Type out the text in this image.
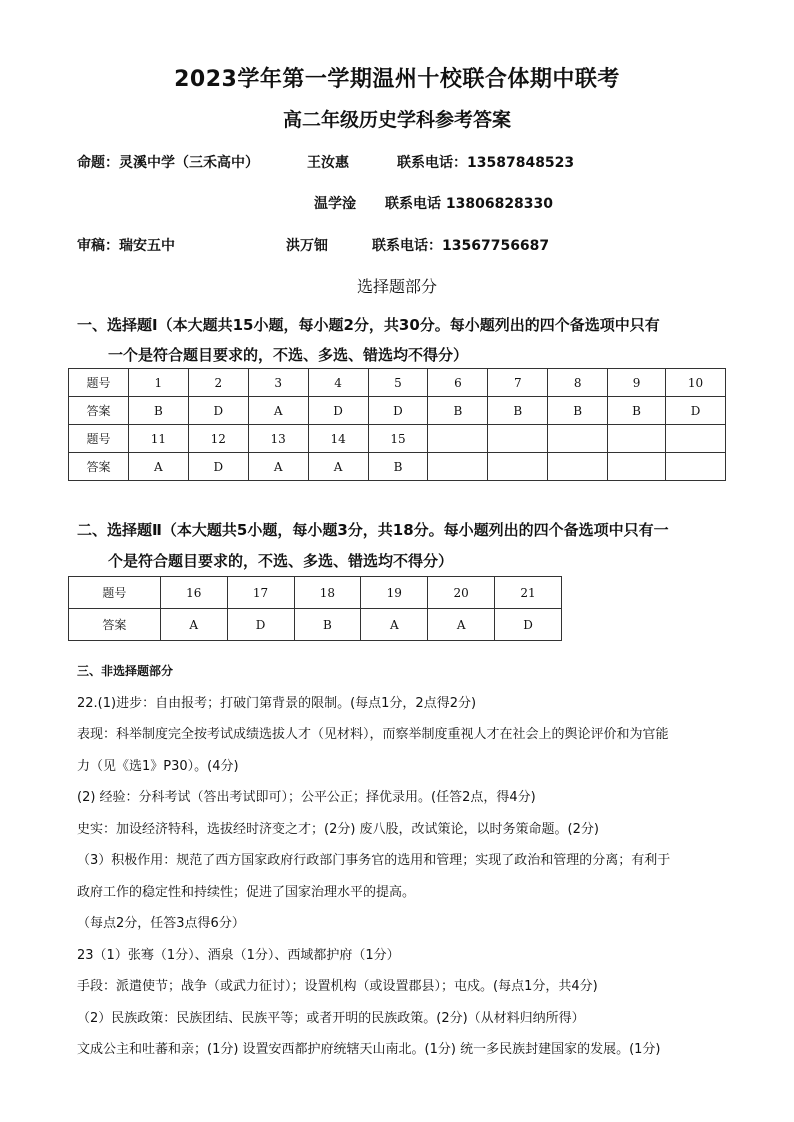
2023学年第一学期温州十校联合体期中联考
高二年级历史学科参考答案
命题：灵溪中学（三禾高中）	王汝惠	联系电话：13587848523
温学淦 联系电话 13806828330
审稿：瑞安五中	洪万钿	联系电话：13567756687
选择题部分
一、选择题Ⅰ（本大题共15小题，每小题2分，共30分。每小题列出的四个备选项中只有
一个是符合题目要求的，不选、多选、错选均不得分）
题号	1	2	3	4	5	6	7	8	9	10
答案	B	D	A	D	D	B	B	B	B	D
题号	11	12	13	14	15					
答案	A	D	A	A	B					
二、选择题Ⅱ（本大题共5小题，每小题3分，共18分。每小题列出的四个备选项中只有一
个是符合题目要求的，不选、多选、错选均不得分）
题号	16	17	18	19	20	21
答案	A	D	B	A	A	D

三、非选择题部分

22.(1)进步：自由报考；打破门第背景的限制。(每点1分，2点得2分)

表现：科举制度完全按考试成绩选拔人才（见材料），而察举制度重视人才在社会上的舆论评价和为官能

力（见《选1》P30）。(4分)

(2) 经验：分科考试（答出考试即可）；公平公正；择优录用。(任答2点，得4分)

史实：加设经济特科，选拔经时济变之才；(2分) 废八股，改试策论，以时务策命题。(2分)

（3）积极作用：规范了西方国家政府行政部门事务官的选用和管理；实现了政治和管理的分离；有利于

政府工作的稳定性和持续性；促进了国家治理水平的提高。

（每点2分，任答3点得6分）

23（1）张骞（1分）、酒泉（1分）、西域都护府（1分）

手段：派遣使节；战争（或武力征讨）；设置机构（或设置郡县）；屯戍。(每点1分，共4分)

（2）民族政策：民族团结、民族平等；或者开明的民族政策。(2分)（从材料归纳所得）

文成公主和吐蕃和亲；(1分) 设置安西都护府统辖天山南北。(1分) 统一多民族封建国家的发展。(1分)
